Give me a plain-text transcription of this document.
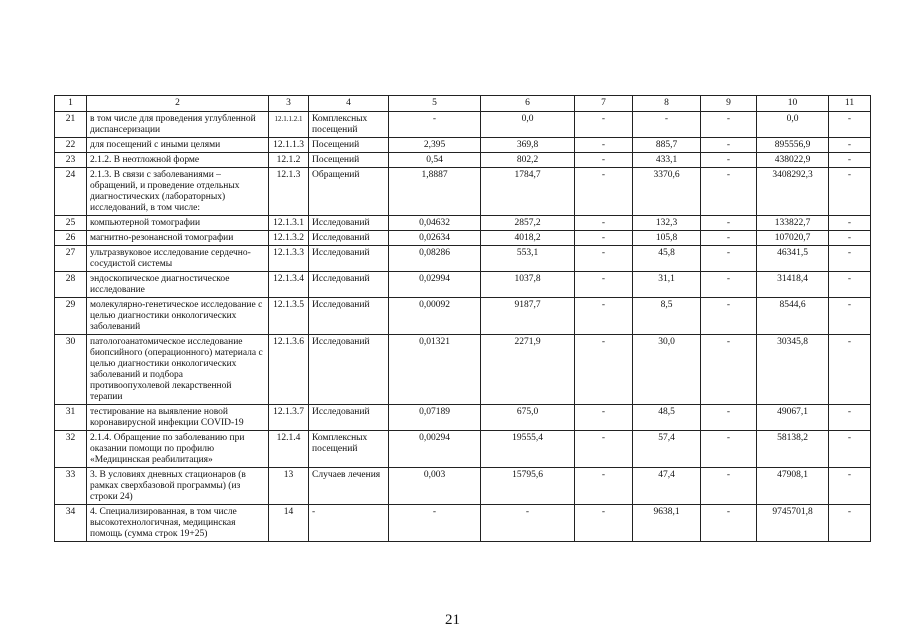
1	2	3	4	5	6	7	8	9	10	11
21	в том числе для проведения углубленной диспансеризации	12.1.1.2.1	Комплексных посещений	-	0,0	-	-	-	0,0	-
22	для посещений с иными целями	12.1.1.3	Посещений	2,395	369,8	-	885,7	-	895556,9	-
23	2.1.2. В неотложной форме	12.1.2	Посещений	0,54	802,2	-	433,1	-	438022,9	-
24	2.1.3. В связи с заболеваниями – обращений, и проведение отдельных диагностических (лабораторных) исследований, в том числе:	12.1.3	Обращений	1,8887	1784,7	-	3370,6	-	3408292,3	-
25	компьютерной томографии	12.1.3.1	Исследований	0,04632	2857,2	-	132,3	-	133822,7	-
26	магнитно-резонансной томографии	12.1.3.2	Исследований	0,02634	4018,2	-	105,8	-	107020,7	-
27	ультразвуковое исследование сердечно-сосудистой системы	12.1.3.3	Исследований	0,08286	553,1	-	45,8	-	46341,5	-
28	эндоскопическое диагностическое исследование	12.1.3.4	Исследований	0,02994	1037,8	-	31,1	-	31418,4	-
29	молекулярно-генетическое исследование с целью диагностики онкологических заболеваний	12.1.3.5	Исследований	0,00092	9187,7	-	8,5	-	8544,6	-
30	патологоанатомическое исследование биопсийного (операционного) материала с целью диагностики онкологических заболеваний и подбора противоопухолевой лекарственной терапии	12.1.3.6	Исследований	0,01321	2271,9	-	30,0	-	30345,8	-
31	тестирование на выявление новой коронавирусной инфекции COVID-19	12.1.3.7	Исследований	0,07189	675,0	-	48,5	-	49067,1	-
32	2.1.4. Обращение по заболеванию при оказании помощи по профилю «Медицинская реабилитация»	12.1.4	Комплексных посещений	0,00294	19555,4	-	57,4	-	58138,2	-
33	3. В условиях дневных стационаров (в рамках сверхбазовой программы) (из строки 24)	13	Случаев лечения	0,003	15795,6	-	47,4	-	47908,1	-
34	4. Специализированная, в том числе высокотехнологичная, медицинская помощь (сумма строк 19+25)	14	-	-	-	-	9638,1	-	9745701,8	-
21
